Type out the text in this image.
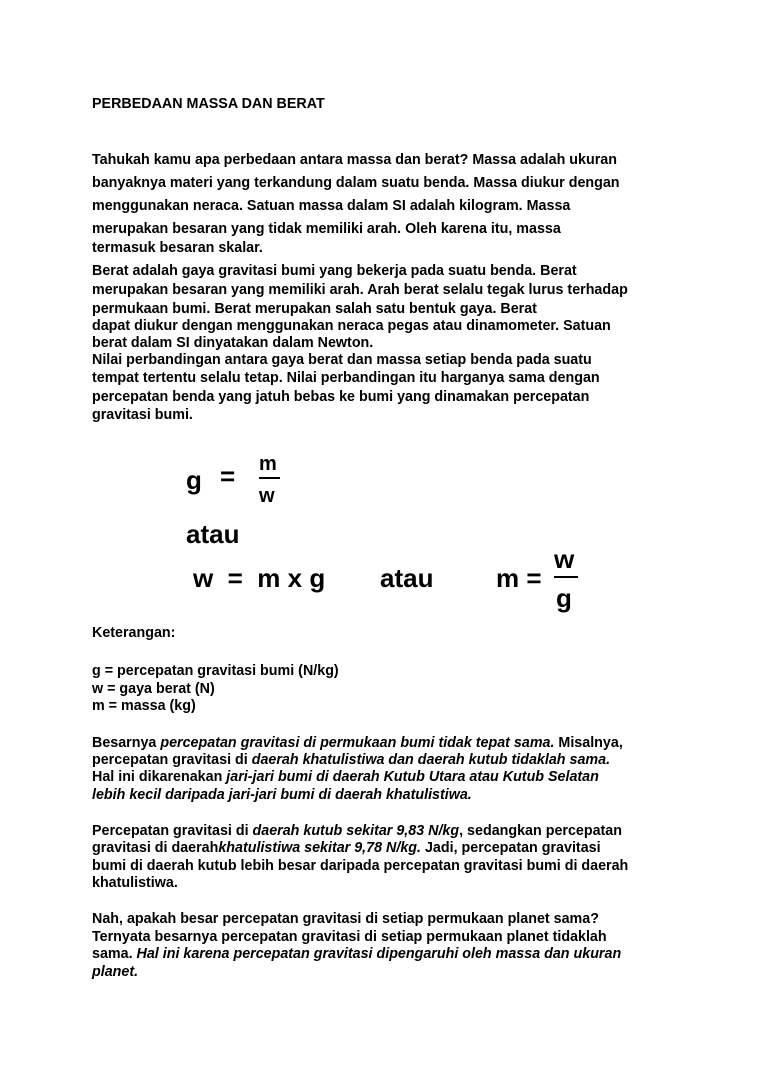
PERBEDAAN MASSA DAN BERAT
Tahukah kamu apa perbedaan antara massa dan berat? Massa adalah ukuran
banyaknya materi yang terkandung dalam suatu benda. Massa diukur dengan
menggunakan neraca. Satuan massa dalam SI adalah kilogram. Massa
merupakan besaran yang tidak memiliki arah. Oleh karena itu, massa
termasuk besaran skalar.
Berat adalah gaya gravitasi bumi yang bekerja pada suatu benda. Berat
merupakan besaran yang memiliki arah. Arah berat selalu tegak lurus terhadap
permukaan bumi. Berat merupakan salah satu bentuk gaya. Berat
dapat diukur dengan menggunakan neraca pegas atau dinamometer. Satuan
berat dalam SI dinyatakan dalam Newton.
Nilai perbandingan antara gaya berat dan massa setiap benda pada suatu
tempat tertentu selalu tetap. Nilai perbandingan itu harganya sama dengan
percepatan benda yang jatuh bebas ke bumi yang dinamakan percepatan
gravitasi bumi.
g = m
w
atau
w  =  m x g atau m =
w
g
Keterangan:
g = percepatan gravitasi bumi (N/kg)
w = gaya berat (N)
m = massa (kg)
Besarnya percepatan gravitasi di permukaan bumi tidak tepat sama. Misalnya,
percepatan gravitasi di daerah khatulistiwa dan daerah kutub tidaklah sama.
Hal ini dikarenakan jari-jari bumi di daerah Kutub Utara atau Kutub Selatan
lebih kecil daripada jari-jari bumi di daerah khatulistiwa.
Percepatan gravitasi di daerah kutub sekitar 9,83 N/kg, sedangkan percepatan
gravitasi di daerahkhatulistiwa sekitar 9,78 N/kg. Jadi, percepatan gravitasi
bumi di daerah kutub lebih besar daripada percepatan gravitasi bumi di daerah
khatulistiwa.
Nah, apakah besar percepatan gravitasi di setiap permukaan planet sama?
Ternyata besarnya percepatan gravitasi di setiap permukaan planet tidaklah
sama. Hal ini karena percepatan gravitasi dipengaruhi oleh massa dan ukuran
planet.
